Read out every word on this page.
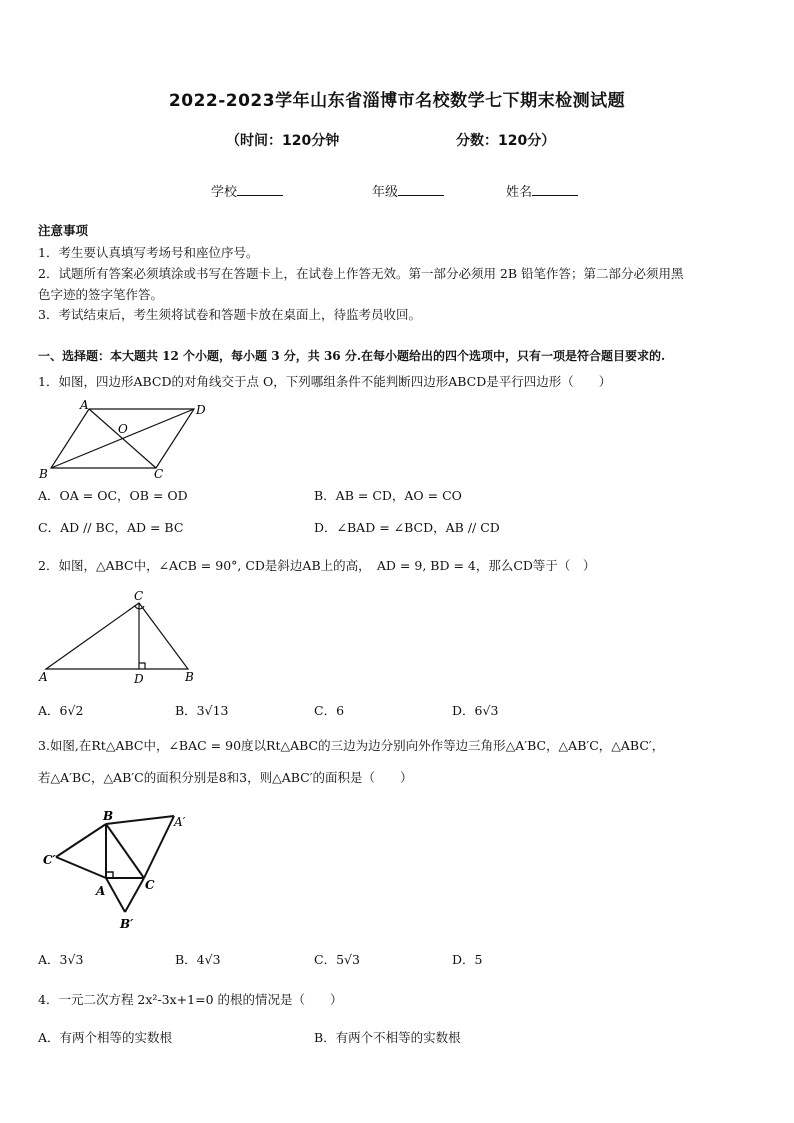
2022-2023学年山东省淄博市名校数学七下期末检测试题
（时间：120分钟	分数：120分）
学校	年级	姓名
注意事项
1．考生要认真填写考场号和座位序号。
2．试题所有答案必须填涂或书写在答题卡上，在试卷上作答无效。第一部分必须用 2B 铅笔作答；第二部分必须用黑
色字迹的签字笔作答。
3．考试结束后，考生须将试卷和答题卡放在桌面上，待监考员收回。
一、选择题：本大题共 12 个小题，每小题 3 分，共 36 分.在每小题给出的四个选项中，只有一项是符合题目要求的.
1．如图，四边形ABCD的对角线交于点 O，下列哪组条件不能判断四边形ABCD是平行四边形（　　）
A	D
O
B	C
A．OA = OC，OB = OD	B．AB = CD，AO = CO
C．AD // BC，AD = BC	D．∠BAD = ∠BCD，AB // CD
2．如图，△ABC中，∠ACB = 90°, CD是斜边AB上的高，　AD = 9, BD = 4，那么CD等于（　）
C
A	D	B
A．6√2	B．3√13	C．6	D．6√3
3.如图,在Rt△ABC中，∠BAC = 90度以Rt△ABC的三边为边分别向外作等边三角形△A′BC，△AB′C，△ABC′，
若△A′BC，△AB′C的面积分别是8和3，则△ABC′的面积是（　　）
B	A′
C′
A	C
B′
A．3√3	B．4√3	C．5√3	D．5
4．一元二次方程 2x²-3x+1=0 的根的情况是（　　）
A．有两个相等的实数根	B．有两个不相等的实数根
